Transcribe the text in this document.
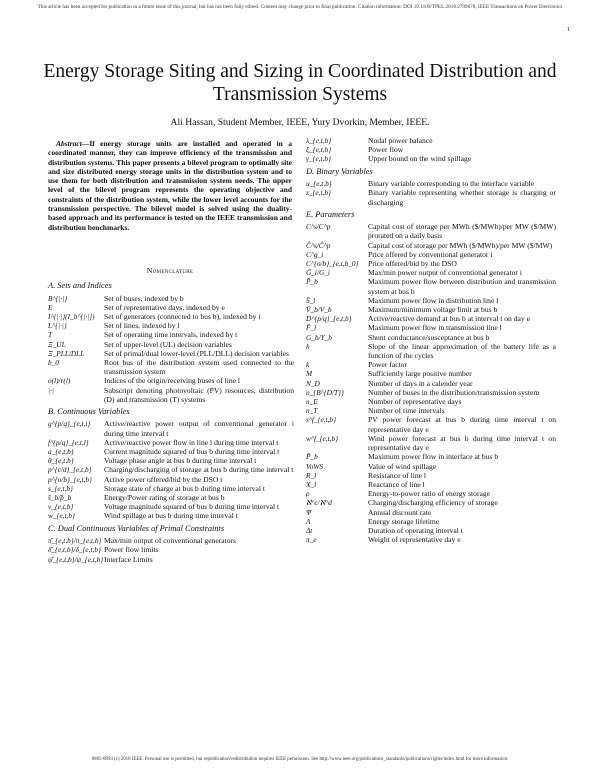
This article has been accepted for publication in a future issue of this journal, but has not been fully edited. Content may change prior to final publication. Citation information: DOI 10.1109/TPEL.2018.2799678, IEEE Transactions on Power Electronics
1
Energy Storage Siting and Sizing in Coordinated Distribution and Transmission Systems
Ali Hassan, Student Member, IEEE, Yury Dvorkin, Member, IEEE.
Abstract—If energy storage units are installed and operated in a coordinated manner, they can improve efficiency of the transmission and distribution systems. This paper presents a bilevel program to optimally site and size distributed energy storage units in the distribution system and to use them for both distribution and transmission system needs. The upper level of the bilevel program represents the operating objective and constraints of the distribution system, while the lower level accounts for the transmission perspective. The bilevel model is solved using the duality-based approach and its performance is tested on the IEEE transmission and distribution benchmarks.
Nomenclature

A. Sets and Indices

B^{|·|}	Set of buses, indexed by b
E	Set of representative days, indexed by e
I^{|·|}(I_b^{|·|})	Set of generators (connected to bus b), indexed by i
L^{|·|}	Set of lines, indexed by l
T	Set of operating time intervals, indexed by t
Ξ_UL	Set of upper-level (UL) decision variables
Ξ_PLL/DLL	Set of primal/dual lower-level (PLL/DLL) decision variables
b_0	Root bus of the distribution system used connected to the transmission system
o(l)/r(l)	Indices of the origin/receiving buses of line l
|·|	Subscript denoting photovoltaic (PV) resources, distribution (D) and transmission (T) systems

B. Continuous Variables

g^{p/q}_{e,t,i}	Active/reactive power output of conventional generator i during time interval t
f^{p/q}_{e,t,l}	Active/reactive power flow in line l during time interval t
a_{e,t,b}	Current magnitude squared of bus b during time interval t
θ_{e,t,b}	Voltage phase angle at bus b during time interval t
p^{c/d}_{e,t,b}	Charging/discharging of storage at bus b during time interval t
p^{o/b}_{e,t,b}	Active power offered/bid by the DSO t
s_{e,t,b}	Storage state of charge at bus b during time interval t
s̄_b/p̄_b	Energy/Power rating of storage at bus b
v_{e,t,b}	Voltage magnitude squared of bus b during time interval t
w_{e,t,b}	Wind spillage at bus b during time interval t

C. Dual Continuous Variables of Primal Constraints

π̄_{e,t,b}/π_{e,t,b} Max/min output of conventional generators
δ̄_{e,t,b}/δ_{e,t,b} Power flow limits
ψ̄_{e,t,b}/ψ_{e,t,b} Interface Limits
λ_{e,t,b}	Nodal power balance
ξ_{e,t,b}	Power flow
γ_{e,t,b}	Upper bound on the wind spillage

D. Binary Variables

u_{e,t,b}	Binary variable corresponding to the interface variable
z_{e,t,b}	Binary variable representing whether storage is charging or discharging

E. Parameters

C^s/C^p	Capital cost of storage per MWh ($/MWh)/per MW ($/MW) prorated on a daily basis
Ĉ^s/Ĉ^p	Capital cost of storage per MWh ($/MWh)/per MW ($/MW)
C^g_i	Price offered by conventional generator i
C^{o/b}_{e,t,b_0}	Price offered/bid by the DSO
Ḡ_i/G_i	Max/min power output of conventional generator i
P̄_b	Maximum power flow between distribution and transmission system at bus b
S̄_l	Maximum power flow in distribution line l
V̄_b/V_b	Maximum/minimum voltage limit at bus b
D^{p/q}_{e,t,b}	Active/reactive demand at bus b at interval t on day e
F̄_l	Maximum power flow in transmission line l
G_b/Y_b	Shunt conductance/susceptance at bus b
h	Slope of the linear approximation of the battery life as a function of the cycles
k	Power factor
M	Sufficiently large positive number
N_D	Number of days in a calender year
n_{B^{D/T}}	Number of buses in the distribution/transmission system
n_E	Number of representative days
n_T	Number of time intervals
s^f_{e,t,b}	PV power forecast at bus b during time interval t on representative day e
w^f_{e,t,b}	Wind power forecast at bus b during time interval t on representative day e
P̄_b	Maximum power flow in interface at bus b
VoWS	Value of wind spillage
R_l	Resistance of line l
X_l	Reactance of line l
ρ	Energy-to-power ratio of energy storage
ℵ^c/ℵ^d	Charging/discharging efficiency of storage
Ψ	Annual discount rate
Λ	Energy storage lifetime
Δt	Duration of operating interval t
π_e	Weight of representative day e
0885-8993 (c) 2018 IEEE. Personal use is permitted, but republication/redistribution requires IEEE permission. See http://www.ieee.org/publications_standards/publications/rights/index.html for more information.
